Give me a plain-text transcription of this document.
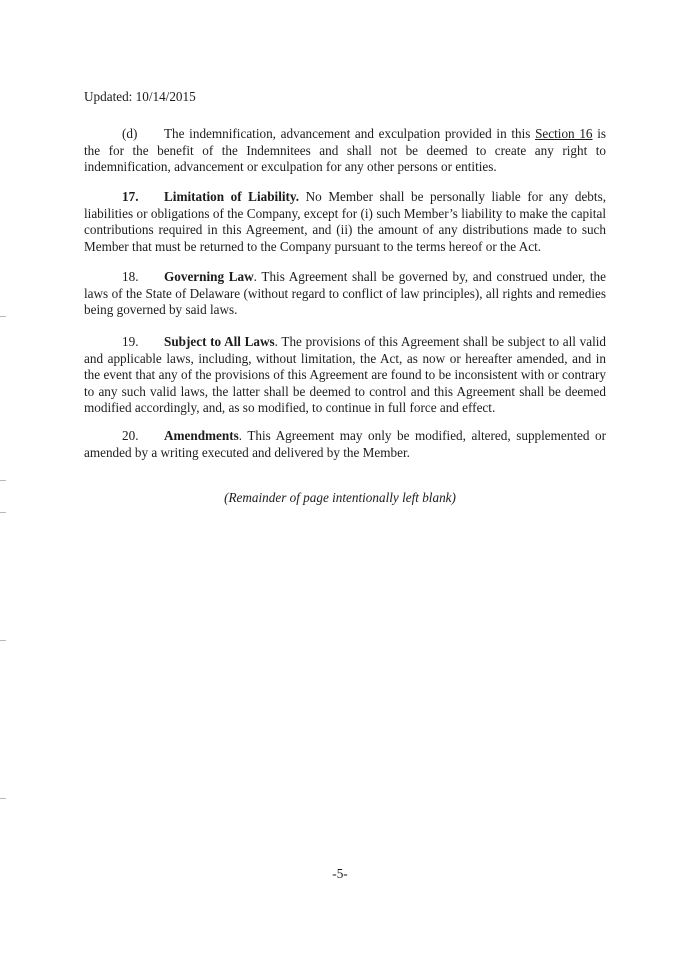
Updated: 10/14/2015
(d) The indemnification, advancement and exculpation provided in this Section 16 is the for the benefit of the Indemnitees and shall not be deemed to create any right to indemnification, advancement or exculpation for any other persons or entities.
17. Limitation of Liability. No Member shall be personally liable for any debts, liabilities or obligations of the Company, except for (i) such Member’s liability to make the capital contributions required in this Agreement, and (ii) the amount of any distributions made to such Member that must be returned to the Company pursuant to the terms hereof or the Act.
18. Governing Law. This Agreement shall be governed by, and construed under, the laws of the State of Delaware (without regard to conflict of law principles), all rights and remedies being governed by said laws.
19. Subject to All Laws. The provisions of this Agreement shall be subject to all valid and applicable laws, including, without limitation, the Act, as now or hereafter amended, and in the event that any of the provisions of this Agreement are found to be inconsistent with or contrary to any such valid laws, the latter shall be deemed to control and this Agreement shall be deemed modified accordingly, and, as so modified, to continue in full force and effect.
20. Amendments. This Agreement may only be modified, altered, supplemented or amended by a writing executed and delivered by the Member.
(Remainder of page intentionally left blank)
-5-
